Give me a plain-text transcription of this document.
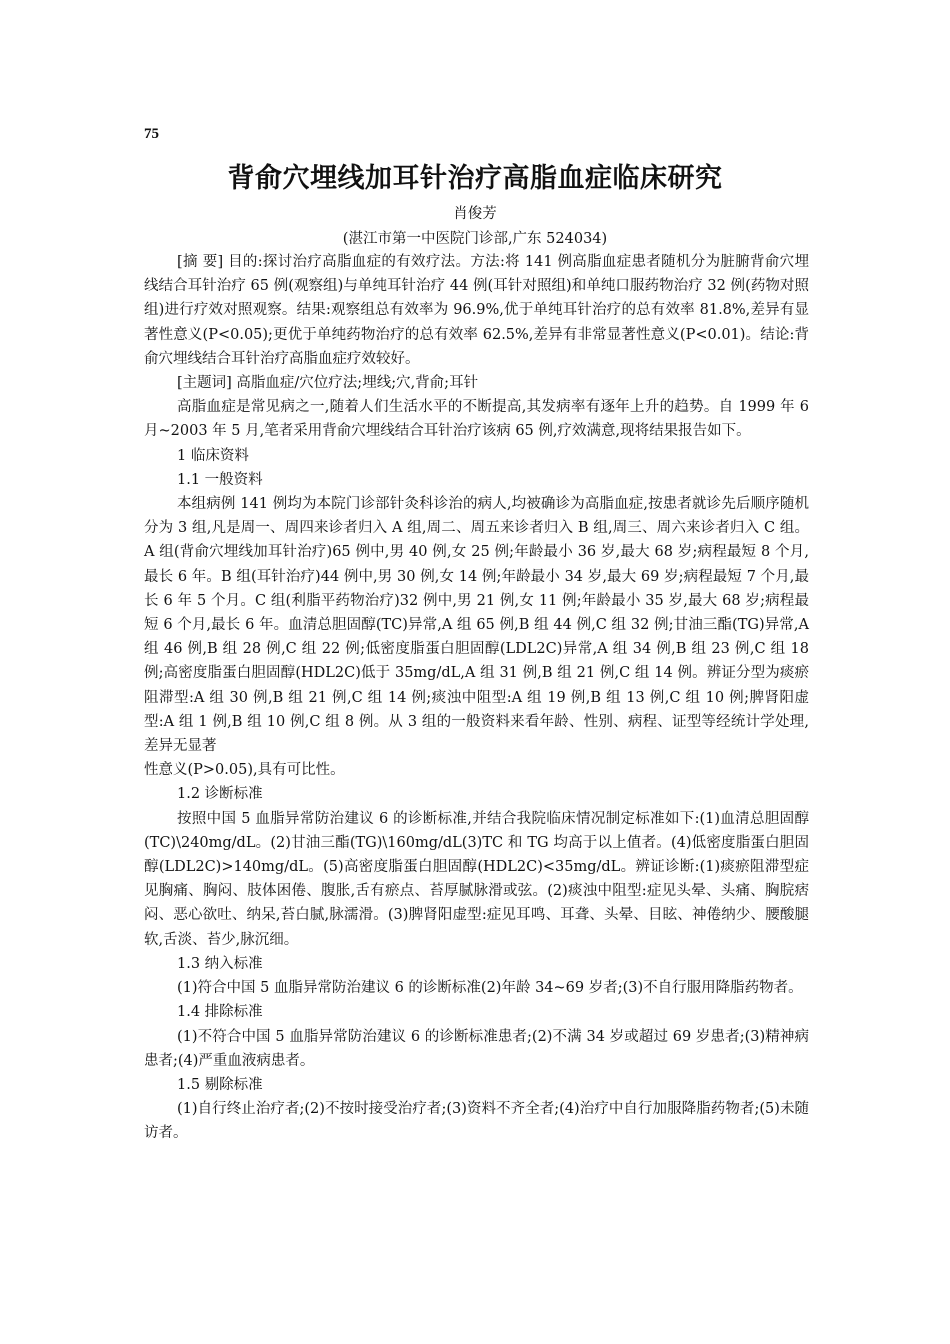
75
背俞穴埋线加耳针治疗高脂血症临床研究
肖俊芳
(湛江市第一中医院门诊部,广东 524034)

[摘 要] 目的:探讨治疗高脂血症的有效疗法。方法:将 141 例高脂血症患者随机分为脏腑背俞穴埋线结合耳针治疗 65 例(观察组)与单纯耳针治疗 44 例(耳针对照组)和单纯口服药物治疗 32 例(药物对照组)进行疗效对照观察。结果:观察组总有效率为 96.9%,优于单纯耳针治疗的总有效率 81.8%,差异有显著性意义(P<0.05);更优于单纯药物治疗的总有效率 62.5%,差异有非常显著性意义(P<0.01)。结论:背俞穴埋线结合耳针治疗高脂血症疗效较好。

[主题词] 高脂血症/穴位疗法;埋线;穴,背俞;耳针

高脂血症是常见病之一,随着人们生活水平的不断提高,其发病率有逐年上升的趋势。自 1999 年 6 月~2003 年 5 月,笔者采用背俞穴埋线结合耳针治疗该病 65 例,疗效满意,现将结果报告如下。

1 临床资料

1.1 一般资料

本组病例 141 例均为本院门诊部针灸科诊治的病人,均被确诊为高脂血症,按患者就诊先后顺序随机分为 3 组,凡是周一、周四来诊者归入 A 组,周二、周五来诊者归入 B 组,周三、周六来诊者归入 C 组。A 组(背俞穴埋线加耳针治疗)65 例中,男 40 例,女 25 例;年龄最小 36 岁,最大 68 岁;病程最短 8 个月,最长 6 年。B 组(耳针治疗)44 例中,男 30 例,女 14 例;年龄最小 34 岁,最大 69 岁;病程最短 7 个月,最长 6 年 5 个月。C 组(利脂平药物治疗)32 例中,男 21 例,女 11 例;年龄最小 35 岁,最大 68 岁;病程最短 6 个月,最长 6 年。血清总胆固醇(TC)异常,A 组 65 例,B 组 44 例,C 组 32 例;甘油三酯(TG)异常,A 组 46 例,B 组 28 例,C 组 22 例;低密度脂蛋白胆固醇(LDL2C)异常,A 组 34 例,B 组 23 例,C 组 18 例;高密度脂蛋白胆固醇(HDL2C)低于 35mg/dL,A 组 31 例,B 组 21 例,C 组 14 例。辨证分型为痰瘀阻滞型:A 组 30 例,B 组 21 例,C 组 14 例;痰浊中阻型:A 组 19 例,B 组 13 例,C 组 10 例;脾肾阳虚型:A 组 1 例,B 组 10 例,C 组 8 例。从 3 组的一般资料来看年龄、性别、病程、证型等经统计学处理,差异无显著

性意义(P>0.05),具有可比性。

1.2 诊断标准

按照中国 5 血脂异常防治建议 6 的诊断标准,并结合我院临床情况制定标准如下:(1)血清总胆固醇(TC)\240mg/dL。(2)甘油三酯(TG)\160mg/dL(3)TC 和 TG 均高于以上值者。(4)低密度脂蛋白胆固醇(LDL2C)>140mg/dL。(5)高密度脂蛋白胆固醇(HDL2C)<35mg/dL。辨证诊断:(1)痰瘀阻滞型症见胸痛、胸闷、肢体困倦、腹胀,舌有瘀点、苔厚腻脉滑或弦。(2)痰浊中阻型:症见头晕、头痛、胸脘痞闷、恶心欲吐、纳呆,苔白腻,脉濡滑。(3)脾肾阳虚型:症见耳鸣、耳聋、头晕、目眩、神倦纳少、腰酸腿软,舌淡、苔少,脉沉细。

1.3 纳入标准

(1)符合中国 5 血脂异常防治建议 6 的诊断标准(2)年龄 34~69 岁者;(3)不自行服用降脂药物者。

1.4 排除标准

(1)不符合中国 5 血脂异常防治建议 6 的诊断标准患者;(2)不满 34 岁或超过 69 岁患者;(3)精神病患者;(4)严重血液病患者。

1.5 剔除标准

(1)自行终止治疗者;(2)不按时接受治疗者;(3)资料不齐全者;(4)治疗中自行加服降脂药物者;(5)未随访者。
